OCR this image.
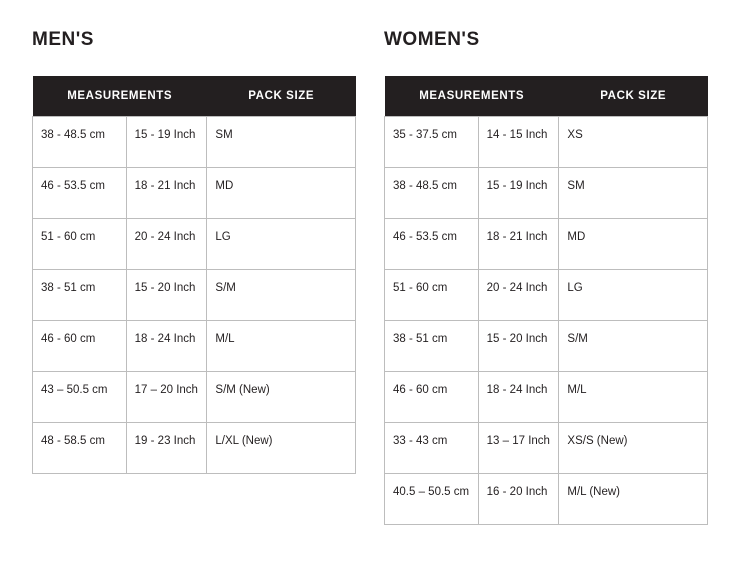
MEN'S
MEASUREMENTS		PACK SIZE
38 - 48.5 cm	15 - 19 Inch	SM
46 - 53.5 cm	18 - 21 Inch	MD
51 - 60 cm	20 - 24 Inch	LG
38 - 51 cm	15 - 20 Inch	S/M
46 - 60 cm	18 - 24 Inch	M/L
43 – 50.5 cm	17 – 20 Inch	S/M (New)
48 - 58.5 cm	19 - 23 Inch	L/XL (New)
WOMEN'S
MEASUREMENTS		PACK SIZE
35 - 37.5 cm	14 - 15 Inch	XS
38 - 48.5 cm	15 - 19 Inch	SM
46 - 53.5 cm	18 - 21 Inch	MD
51 - 60 cm	20 - 24 Inch	LG
38 - 51 cm	15 - 20 Inch	S/M
46 - 60 cm	18 - 24 Inch	M/L
33 - 43 cm	13 – 17 Inch	XS/S (New)
40.5 – 50.5 cm	16 - 20 Inch	M/L (New)
